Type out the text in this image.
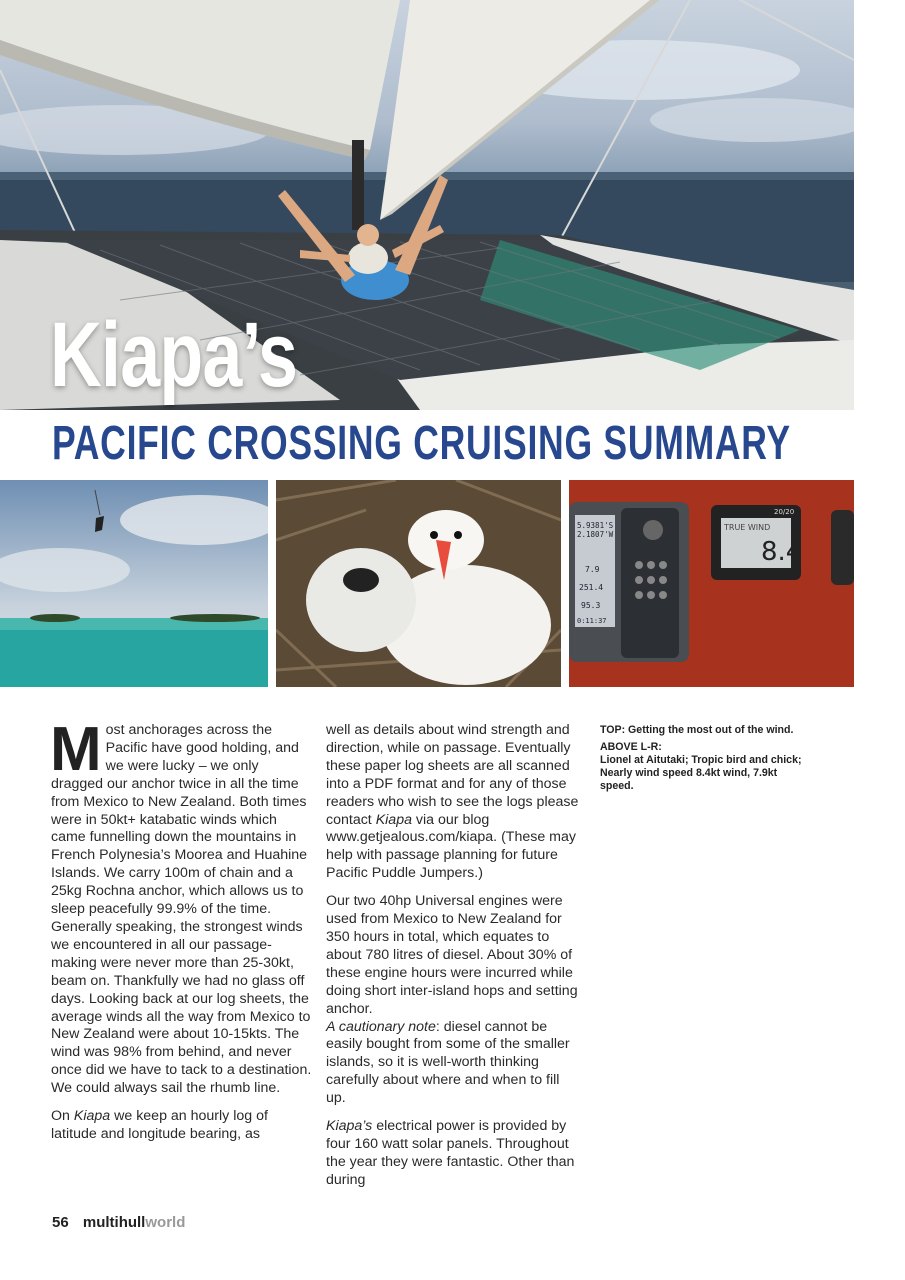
Kiapa’s
PACIFIC CROSSING CRUISING SUMMARY
5.9381'S
2.1807'W
7.9
251.4
95.3
0:11:37
TRUE WIND
8.4
20/20

Most anchorages across the Pacific have good holding, and we were lucky – we only dragged our anchor twice in all the time from Mexico to New Zealand. Both times were in 50kt+ katabatic winds which came funnelling down the mountains in French Polynesia’s Moorea and Huahine Islands. We carry 100m of chain and a 25kg Rochna anchor, which allows us to sleep peacefully 99.9% of the time. Generally speaking, the strongest winds we encountered in all our passage-making were never more than 25-30kt, beam on. Thankfully we had no glass off days. Looking back at our log sheets, the average winds all the way from Mexico to New Zealand were about 10-15kts. The wind was 98% from behind, and never once did we have to tack to a destination. We could always sail the rhumb line.

On Kiapa we keep an hourly log of latitude and longitude bearing, as

well as details about wind strength and direction, while on passage. Eventually these paper log sheets are all scanned into a PDF format and for any of those readers who wish to see the logs please contact Kiapa via our blog
www.getjealous.com/kiapa. (These may help with passage planning for future Pacific Puddle Jumpers.)

Our two 40hp Universal engines were used from Mexico to New Zealand for 350 hours in total, which equates to about 780 litres of diesel. About 30% of these engine hours were incurred while doing short inter-island hops and setting anchor.
A cautionary note: diesel cannot be easily bought from some of the smaller islands, so it is well-worth thinking carefully about where and when to fill up.

Kiapa’s electrical power is provided by four 160 watt solar panels. Throughout the year they were fantastic. Other than during

TOP: Getting the most out of the wind.

ABOVE L-R:

Lionel at Aitutaki; Tropic bird and chick; Nearly wind speed 8.4kt wind, 7.9kt speed.

56 multihullworld
